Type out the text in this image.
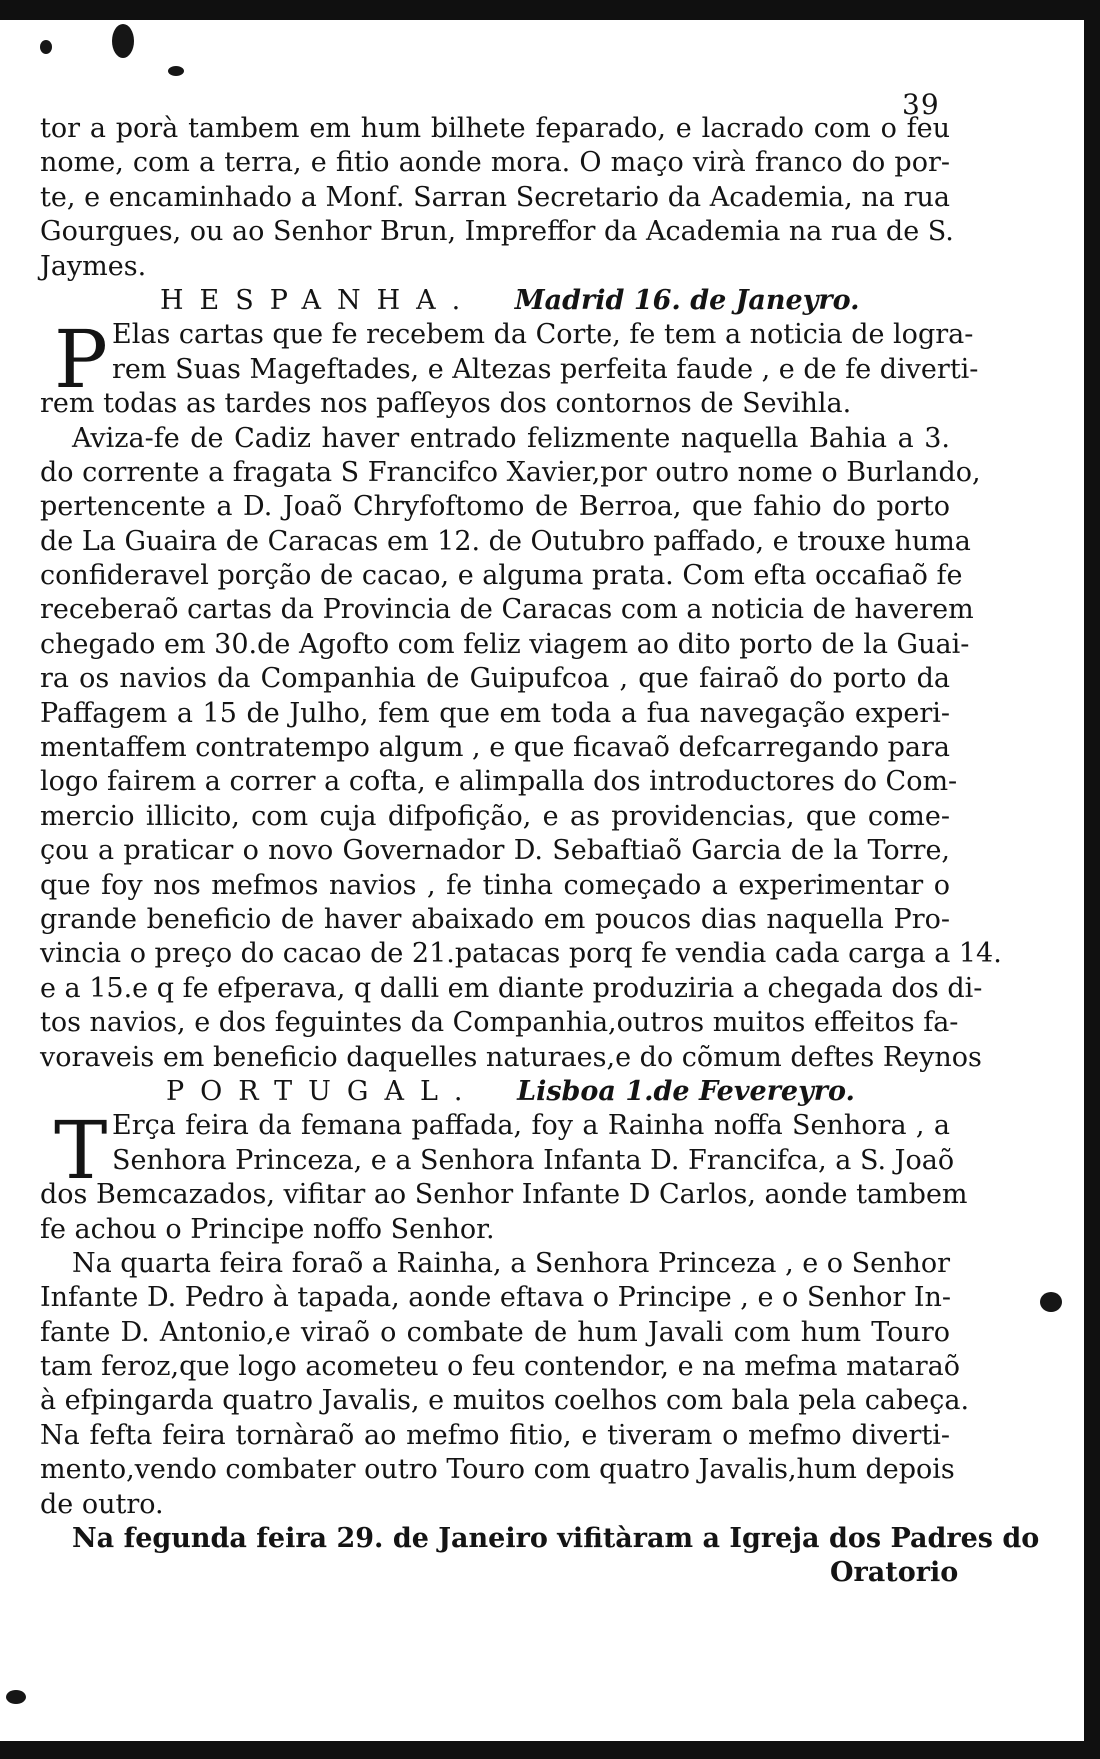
39
tor a porà tambem em hum bilhete feparado, e lacrado com o feu
nome, com a terra, e fitio aonde mora. O maço virà franco do por-
te, e encaminhado a Monf. Sarran Secretario da Academia, na rua
Gourgues, ou ao Senhor Brun, Impreffor da Academia na rua de S.
Jaymes.
HESPANHA. Madrid 16. de Janeyro.
P Elas cartas que fe recebem da Corte, fe tem a noticia de logra-
rem Suas Mageftades, e Altezas perfeita faude , e de fe diverti-
rem todas as tardes nos pafſeyos dos contornos de Sevihla.
Aviza-fe de Cadiz haver entrado felizmente naquella Bahia a 3.
do corrente a fragata S Francifco Xavier,por outro nome o Burlando,
pertencente a D. Joaõ Chryfoftomo de Berroa, que fahio do porto
de La Guaira de Caracas em 12. de Outubro paffado, e trouxe huma
confideravel porção de cacao, e alguma prata. Com efta occafiaõ fe
receberaõ cartas da Provincia de Caracas com a noticia de haverem
chegado em 30.de Agofto com feliz viagem ao dito porto de la Guai-
ra os navios da Companhia de Guipufcoa , que fairaõ do porto da
Paffagem a 15 de Julho, fem que em toda a fua navegação experi-
mentaffem contratempo algum , e que ficavaõ defcarregando para
logo fairem a correr a cofta, e alimpalla dos introductores do Com-
mercio illicito, com cuja difpofição, e as providencias, que come-
çou a praticar o novo Governador D. Sebaftiaõ Garcia de la Torre,
que foy nos mefmos navios , fe tinha começado a experimentar o
grande beneficio de haver abaixado em poucos dias naquella Pro-
vincia o preço do cacao de 21.patacas porq fe vendia cada carga a 14.
e a 15.e q fe efperava, q dalli em diante produziria a chegada dos di-
tos navios, e dos feguintes da Companhia,outros muitos effeitos fa-
voraveis em beneficio daquelles naturaes,e do cõmum deftes Reynos
PORTUGAL. Lisboa 1.de Fevereyro.
T Erça feira da femana paffada, foy a Rainha noffa Senhora , a
Senhora Princeza, e a Senhora Infanta D. Francifca, a S. Joaõ
dos Bemcazados, vifitar ao Senhor Infante D Carlos, aonde tambem
fe achou o Principe noffo Senhor.
Na quarta feira foraõ a Rainha, a Senhora Princeza , e o Senhor
Infante D. Pedro à tapada, aonde eftava o Principe , e o Senhor In-
fante D. Antonio,e viraõ o combate de hum Javali com hum Touro
tam feroz,que logo acometeu o feu contendor, e na mefma mataraõ
à efpingarda quatro Javalis, e muitos coelhos com bala pela cabeça.
Na fefta feira tornàraõ ao mefmo fitio, e tiveram o mefmo diverti-
mento,vendo combater outro Touro com quatro Javalis,hum depois
de outro.
Na fegunda feira 29. de Janeiro vifitàram a Igreja dos Padres do
Oratorio
